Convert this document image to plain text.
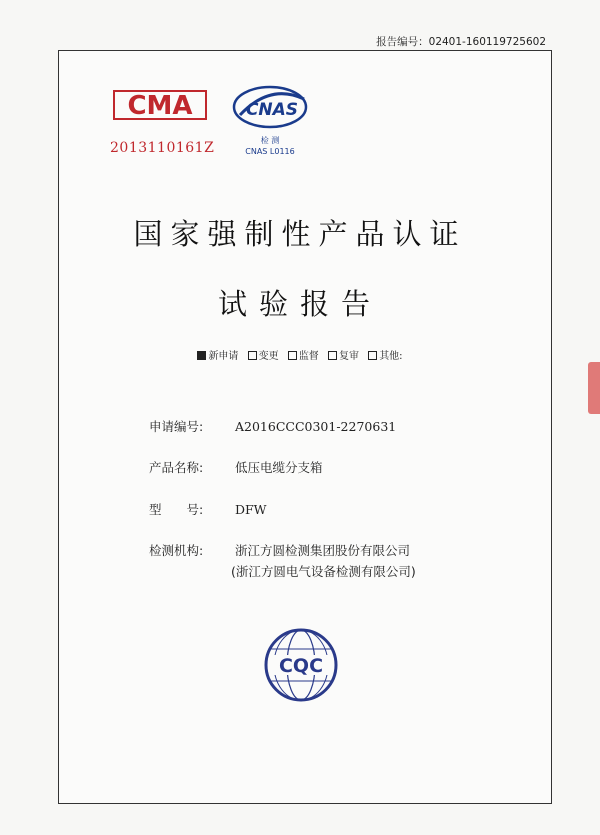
报告编号：02401-160119725602
CMA
2013110161Z
CNAS
检 测
CNAS L0116
国家强制性产品认证
试验报告
新申请 变更 监督 复审 其他:
申请编号:	A2016CCC0301-2270631
产品名称:	低压电缆分支箱
型　　号:	DFW
检测机构:	浙江方圆检测集团股份有限公司
(浙江方圆电气设备检测有限公司)
CQC
